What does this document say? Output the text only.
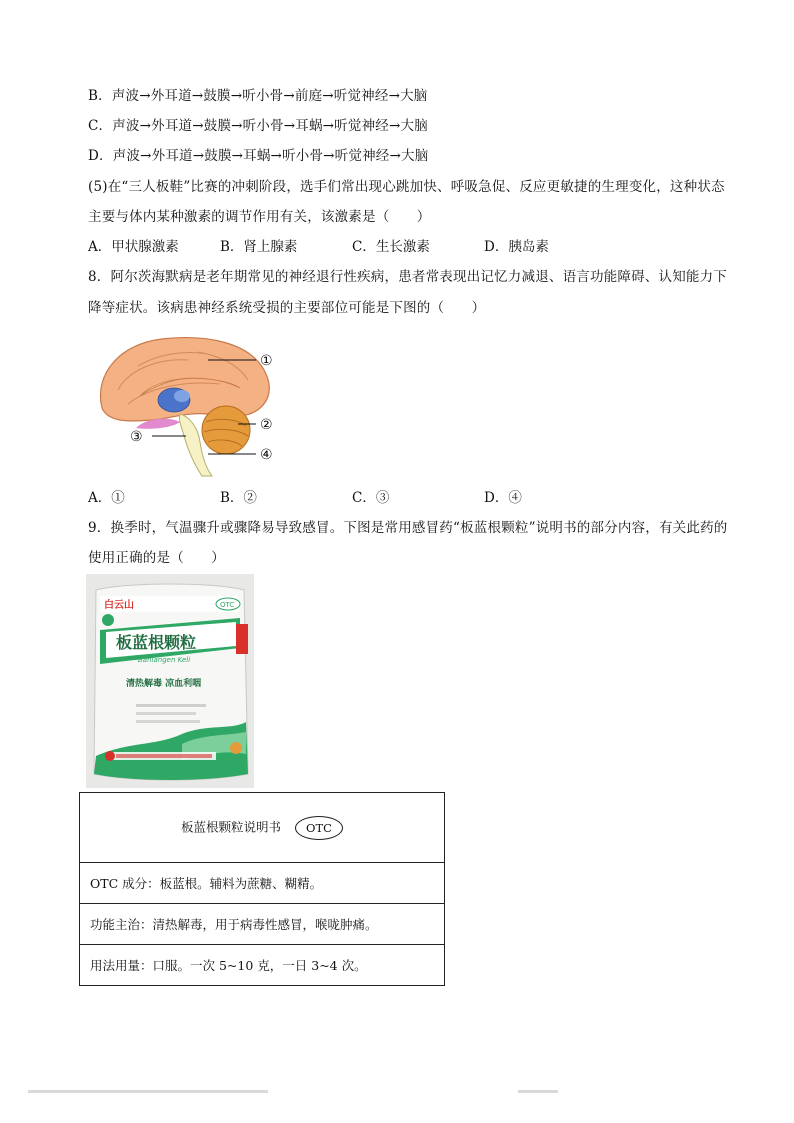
B．声波→外耳道→鼓膜→听小骨→前庭→听觉神经→大脑
C．声波→外耳道→鼓膜→听小骨→耳蜗→听觉神经→大脑
D．声波→外耳道→鼓膜→耳蜗→听小骨→听觉神经→大脑
(5)在“三人板鞋”比赛的冲刺阶段，选手们常出现心跳加快、呼吸急促、反应更敏捷的生理变化，这种状态
主要与体内某种激素的调节作用有关，该激素是（　　）
A．甲状腺激素	B．肾上腺素	C．生长激素	D．胰岛素
8．阿尔茨海默病是老年期常见的神经退行性疾病，患者常表现出记忆力减退、语言功能障碍、认知能力下
降等症状。该病患神经系统受损的主要部位可能是下图的（　　）
①
②
③
④
A．①	B．②	C．③	D．④
9．换季时，气温骤升或骤降易导致感冒。下图是常用感冒药“板蓝根颗粒”说明书的部分内容，有关此药的
使用正确的是（　　）
白云山	OTC
板蓝根颗粒
Banlangen Keli
清热解毒 凉血利咽
板蓝根颗粒说明书 OTC
OTC 成分：板蓝根。辅料为蔗糖、糊精。
功能主治：清热解毒，用于病毒性感冒，喉咙肿痛。
用法用量：口服。一次 5~10 克，一日 3~4 次。
